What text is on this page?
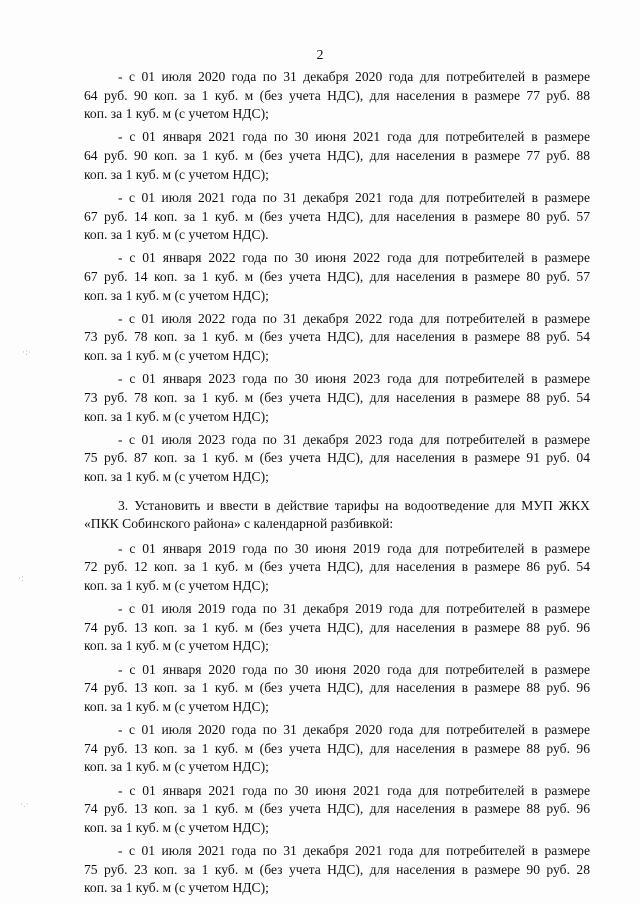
2
- с 01 июля 2020 года по 31 декабря 2020 года для потребителей в размере
64 руб. 90 коп. за 1 куб. м (без учета НДС), для населения в размере 77 руб. 88
коп. за 1 куб. м (с учетом НДС);
- с 01 января 2021 года по 30 июня 2021 года для потребителей в размере
64 руб. 90 коп. за 1 куб. м (без учета НДС), для населения в размере 77 руб. 88
коп. за 1 куб. м (с учетом НДС);
- с 01 июля 2021 года по 31 декабря 2021 года для потребителей в размере
67 руб. 14 коп. за 1 куб. м (без учета НДС), для населения в размере 80 руб. 57
коп. за 1 куб. м (с учетом НДС).
- с 01 января 2022 года по 30 июня 2022 года для потребителей в размере
67 руб. 14 коп. за 1 куб. м (без учета НДС), для населения в размере 80 руб. 57
коп. за 1 куб. м (с учетом НДС);
- с 01 июля 2022 года по 31 декабря 2022 года для потребителей в размере
73 руб. 78 коп. за 1 куб. м (без учета НДС), для населения в размере 88 руб. 54
коп. за 1 куб. м (с учетом НДС);
- с 01 января 2023 года по 30 июня 2023 года для потребителей в размере
73 руб. 78 коп. за 1 куб. м (без учета НДС), для населения в размере 88 руб. 54
коп. за 1 куб. м (с учетом НДС);
- с 01 июля 2023 года по 31 декабря 2023 года для потребителей в размере
75 руб. 87 коп. за 1 куб. м (без учета НДС), для населения в размере 91 руб. 04
коп. за 1 куб. м (с учетом НДС);
3. Установить и ввести в действие тарифы на водоотведение для МУП ЖКХ
«ПКК Собинского района» с календарной разбивкой:
- с 01 января 2019 года по 30 июня 2019 года для потребителей в размере
72 руб. 12 коп. за 1 куб. м (без учета НДС), для населения в размере 86 руб. 54
коп. за 1 куб. м (с учетом НДС);
- с 01 июля 2019 года по 31 декабря 2019 года для потребителей в размере
74 руб. 13 коп. за 1 куб. м (без учета НДС), для населения в размере 88 руб. 96
коп. за 1 куб. м (с учетом НДС);
- с 01 января 2020 года по 30 июня 2020 года для потребителей в размере
74 руб. 13 коп. за 1 куб. м (без учета НДС), для населения в размере 88 руб. 96
коп. за 1 куб. м (с учетом НДС);
- с 01 июля 2020 года по 31 декабря 2020 года для потребителей в размере
74 руб. 13 коп. за 1 куб. м (без учета НДС), для населения в размере 88 руб. 96
коп. за 1 куб. м (с учетом НДС);
- с 01 января 2021 года по 30 июня 2021 года для потребителей в размере
74 руб. 13 коп. за 1 куб. м (без учета НДС), для населения в размере 88 руб. 96
коп. за 1 куб. м (с учетом НДС);
- с 01 июля 2021 года по 31 декабря 2021 года для потребителей в размере
75 руб. 23 коп. за 1 куб. м (без учета НДС), для населения в размере 90 руб. 28
коп. за 1 куб. м (с учетом НДС);
·:·
·:
·.·
